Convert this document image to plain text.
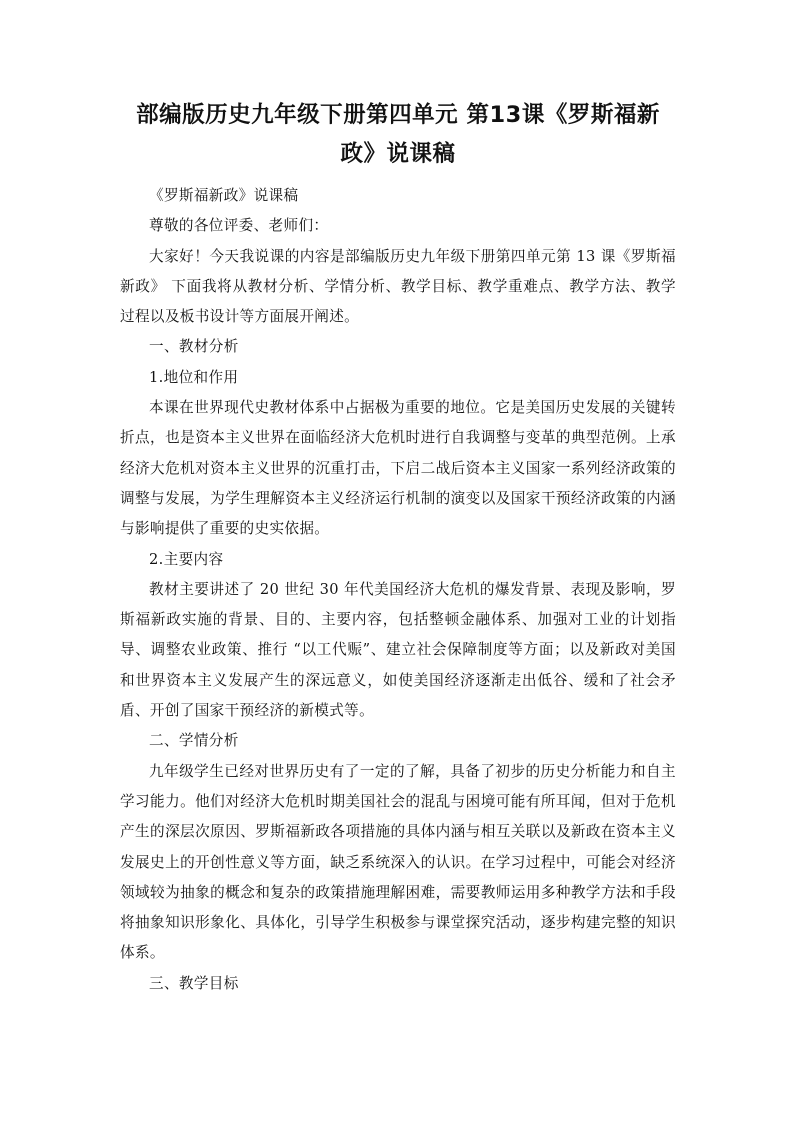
部编版历史九年级下册第四单元 第13课《罗斯福新政》说课稿

《罗斯福新政》说课稿

尊敬的各位评委、老师们：

大家好！今天我说课的内容是部编版历史九年级下册第四单元第 13 课《罗斯福新政》 下面我将从教材分析、学情分析、教学目标、教学重难点、教学方法、教学过程以及板书设计等方面展开阐述。

一、教材分析

1.地位和作用

本课在世界现代史教材体系中占据极为重要的地位。它是美国历史发展的关键转折点，也是资本主义世界在面临经济大危机时进行自我调整与变革的典型范例。上承经济大危机对资本主义世界的沉重打击，下启二战后资本主义国家一系列经济政策的调整与发展，为学生理解资本主义经济运行机制的演变以及国家干预经济政策的内涵与影响提供了重要的史实依据。

2.主要内容

教材主要讲述了 20 世纪 30 年代美国经济大危机的爆发背景、表现及影响，罗斯福新政实施的背景、目的、主要内容，包括整顿金融体系、加强对工业的计划指导、调整农业政策、推行 “以工代赈”、建立社会保障制度等方面；以及新政对美国和世界资本主义发展产生的深远意义，如使美国经济逐渐走出低谷、缓和了社会矛盾、开创了国家干预经济的新模式等。

二、学情分析

九年级学生已经对世界历史有了一定的了解，具备了初步的历史分析能力和自主学习能力。他们对经济大危机时期美国社会的混乱与困境可能有所耳闻，但对于危机产生的深层次原因、罗斯福新政各项措施的具体内涵与相互关联以及新政在资本主义发展史上的开创性意义等方面，缺乏系统深入的认识。在学习过程中，可能会对经济领域较为抽象的概念和复杂的政策措施理解困难，需要教师运用多种教学方法和手段将抽象知识形象化、具体化，引导学生积极参与课堂探究活动，逐步构建完整的知识体系。

三、教学目标
